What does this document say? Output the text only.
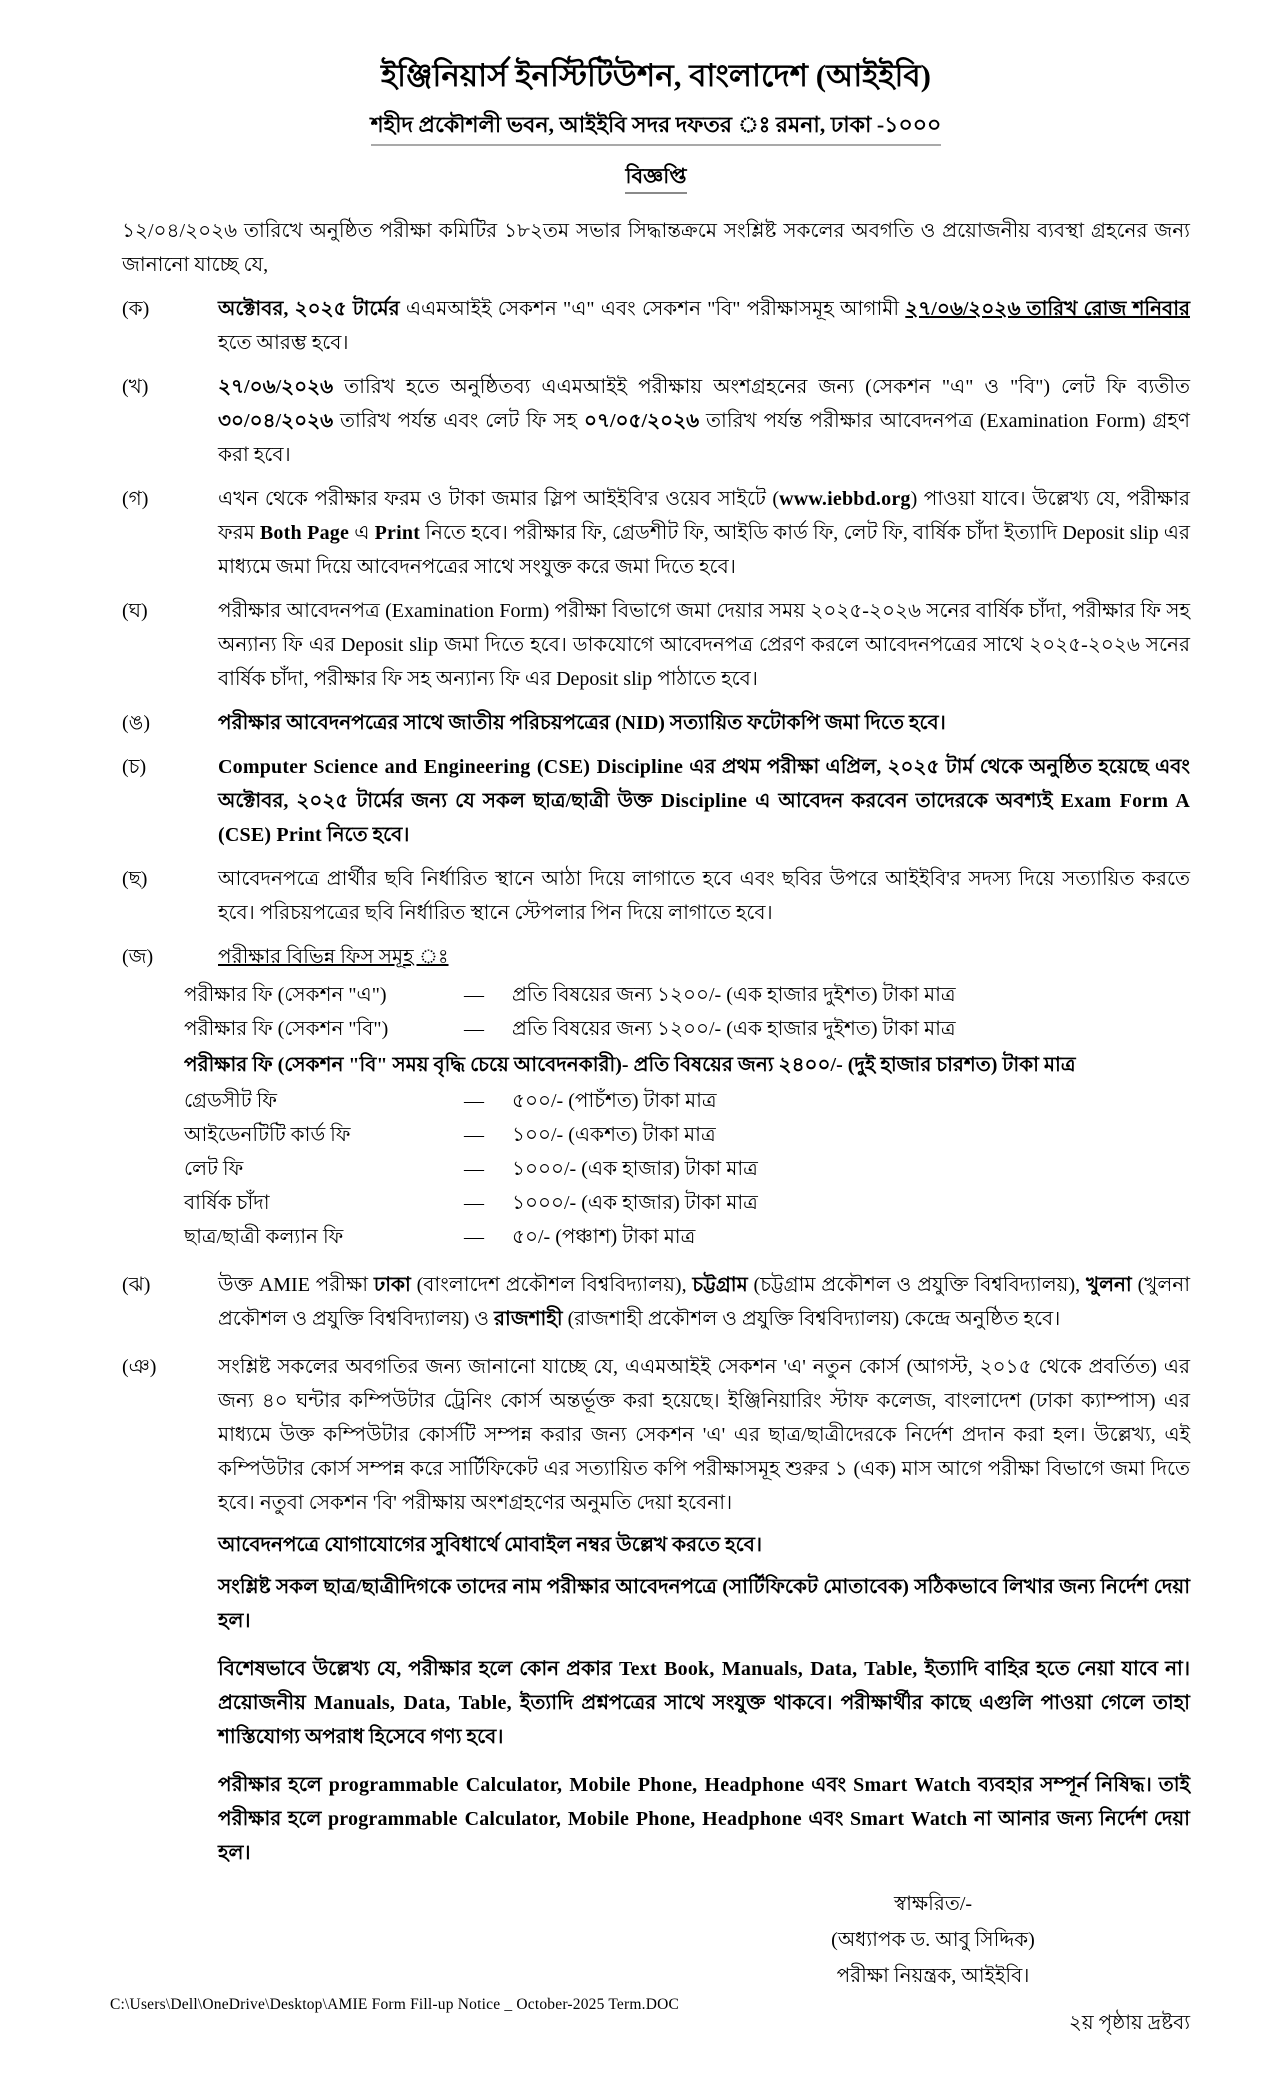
ইঞ্জিনিয়ার্স ইনস্টিটিউশন, বাংলাদেশ (আইইবি)
শহীদ প্রকৌশলী ভবন, আইইবি সদর দফতর ঃ রমনা, ঢাকা -১০০০
বিজ্ঞপ্তি
১২/০৪/২০২৬ তারিখে অনুষ্ঠিত পরীক্ষা কমিটির ১৮২তম সভার সিদ্ধান্তক্রমে সংশ্লিষ্ট সকলের অবগতি ও প্রয়োজনীয় ব্যবস্থা গ্রহনের জন্য জানানো যাচ্ছে যে,
(ক)	অক্টোবর, ২০২৫ টার্মের এএমআইই সেকশন "এ" এবং সেকশন "বি" পরীক্ষাসমূহ আগামী ২৭/০৬/২০২৬ তারিখ রোজ শনিবার হতে আরম্ভ হবে।
(খ)	২৭/০৬/২০২৬ তারিখ হতে অনুষ্ঠিতব্য এএমআইই পরীক্ষায় অংশগ্রহনের জন্য (সেকশন "এ" ও "বি") লেট ফি ব্যতীত ৩০/০৪/২০২৬ তারিখ পর্যন্ত এবং লেট ফি সহ ০৭/০৫/২০২৬ তারিখ পর্যন্ত পরীক্ষার আবেদনপত্র (Examination Form) গ্রহণ করা হবে।
(গ)	এখন থেকে পরীক্ষার ফরম ও টাকা জমার স্লিপ আইইবি'র ওয়েব সাইটে (www.iebbd.org) পাওয়া যাবে। উল্লেখ্য যে, পরীক্ষার ফরম Both Page এ Print নিতে হবে। পরীক্ষার ফি, গ্রেডশীট ফি, আইডি কার্ড ফি, লেট ফি, বার্ষিক চাঁদা ইত্যাদি Deposit slip এর মাধ্যমে জমা দিয়ে আবেদনপত্রের সাথে সংযুক্ত করে জমা দিতে হবে।
(ঘ)	পরীক্ষার আবেদনপত্র (Examination Form) পরীক্ষা বিভাগে জমা দেয়ার সময় ২০২৫-২০২৬ সনের বার্ষিক চাঁদা, পরীক্ষার ফি সহ অন্যান্য ফি এর Deposit slip জমা দিতে হবে। ডাকযোগে আবেদনপত্র প্রেরণ করলে আবেদনপত্রের সাথে ২০২৫-২০২৬ সনের বার্ষিক চাঁদা, পরীক্ষার ফি সহ অন্যান্য ফি এর Deposit slip পাঠাতে হবে।
(ঙ)	পরীক্ষার আবেদনপত্রের সাথে জাতীয় পরিচয়পত্রের (NID) সত্যায়িত ফটোকপি জমা দিতে হবে।
(চ)	Computer Science and Engineering (CSE) Discipline এর প্রথম পরীক্ষা এপ্রিল, ২০২৫ টার্ম থেকে অনুষ্ঠিত হয়েছে এবং অক্টোবর, ২০২৫ টার্মের জন্য যে সকল ছাত্র/ছাত্রী উক্ত Discipline এ আবেদন করবেন তাদেরকে অবশ্যই Exam Form A (CSE) Print নিতে হবে।
(ছ)	আবেদনপত্রে প্রার্থীর ছবি নির্ধারিত স্থানে আঠা দিয়ে লাগাতে হবে এবং ছবির উপরে আইইবি'র সদস্য দিয়ে সত্যায়িত করতে হবে। পরিচয়পত্রের ছবি নির্ধারিত স্থানে স্টেপলার পিন দিয়ে লাগাতে হবে।
(জ)	পরীক্ষার বিভিন্ন ফিস সমূহ ঃ
পরীক্ষার ফি (সেকশন "এ")	—	প্রতি বিষয়ের জন্য ১২০০/- (এক হাজার দুইশত) টাকা মাত্র
পরীক্ষার ফি (সেকশন "বি")	—	প্রতি বিষয়ের জন্য ১২০০/- (এক হাজার দুইশত) টাকা মাত্র
পরীক্ষার ফি (সেকশন "বি" সময় বৃদ্ধি চেয়ে আবেদনকারী)- প্রতি বিষয়ের জন্য ২৪০০/- (দুই হাজার চারশত) টাকা মাত্র
গ্রেডসীট ফি	—	৫০০/- (পাচঁশত) টাকা মাত্র
আইডেনটিটি কার্ড ফি	—	১০০/- (একশত) টাকা মাত্র
লেট ফি	—	১০০০/- (এক হাজার) টাকা মাত্র
বার্ষিক চাঁদা	—	১০০০/- (এক হাজার) টাকা মাত্র
ছাত্র/ছাত্রী কল্যান ফি	—	৫০/- (পঞ্চাশ) টাকা মাত্র
(ঝ)	উক্ত AMIE পরীক্ষা ঢাকা (বাংলাদেশ প্রকৌশল বিশ্ববিদ্যালয়), চট্টগ্রাম (চট্টগ্রাম প্রকৌশল ও প্রযুক্তি বিশ্ববিদ্যালয়), খুলনা (খুলনা প্রকৌশল ও প্রযুক্তি বিশ্ববিদ্যালয়) ও রাজশাহী (রাজশাহী প্রকৌশল ও প্রযুক্তি বিশ্ববিদ্যালয়) কেন্দ্রে অনুষ্ঠিত হবে।
(ঞ)	সংশ্লিষ্ট সকলের অবগতির জন্য জানানো যাচ্ছে যে, এএমআইই সেকশন 'এ' নতুন কোর্স (আগস্ট, ২০১৫ থেকে প্রবর্তিত) এর জন্য ৪০ ঘন্টার কম্পিউটার ট্রেনিং কোর্স অন্তর্ভূক্ত করা হয়েছে। ইঞ্জিনিয়ারিং স্টাফ কলেজ, বাংলাদেশ (ঢাকা ক্যাম্পাস) এর মাধ্যমে উক্ত কম্পিউটার কোর্সটি সম্পন্ন করার জন্য সেকশন 'এ' এর ছাত্র/ছাত্রীদেরকে নির্দেশ প্রদান করা হল। উল্লেখ্য, এই কম্পিউটার কোর্স সম্পন্ন করে সার্টিফিকেট এর সত্যায়িত কপি পরীক্ষাসমূহ শুরুর ১ (এক) মাস আগে পরীক্ষা বিভাগে জমা দিতে হবে। নতুবা সেকশন 'বি' পরীক্ষায় অংশগ্রহণের অনুমতি দেয়া হবেনা।

আবেদনপত্রে যোগাযোগের সুবিধার্থে মোবাইল নম্বর উল্লেখ করতে হবে।

সংশ্লিষ্ট সকল ছাত্র/ছাত্রীদিগকে তাদের নাম পরীক্ষার আবেদনপত্রে (সার্টিফিকেট মোতাবেক) সঠিকভাবে লিখার জন্য নির্দেশ দেয়া হল।

বিশেষভাবে উল্লেখ্য যে, পরীক্ষার হলে কোন প্রকার Text Book, Manuals, Data, Table, ইত্যাদি বাহির হতে নেয়া যাবে না। প্রয়োজনীয় Manuals, Data, Table, ইত্যাদি প্রশ্নপত্রের সাথে সংযুক্ত থাকবে। পরীক্ষার্থীর কাছে এগুলি পাওয়া গেলে তাহা শাস্তিযোগ্য অপরাধ হিসেবে গণ্য হবে।
পরীক্ষার হলে programmable Calculator, Mobile Phone, Headphone এবং Smart Watch ব্যবহার সম্পূর্ন নিষিদ্ধ। তাই পরীক্ষার হলে programmable Calculator, Mobile Phone, Headphone এবং Smart Watch না আনার জন্য নির্দেশ দেয়া হল।
স্বাক্ষরিত/-
(অধ্যাপক ড. আবু সিদ্দিক)
পরীক্ষা নিয়ন্ত্রক, আইইবি।
২য় পৃষ্ঠায় দ্রষ্টব্য
C:\Users\Dell\OneDrive\Desktop\AMIE Form Fill-up Notice _ October-2025 Term.DOC
